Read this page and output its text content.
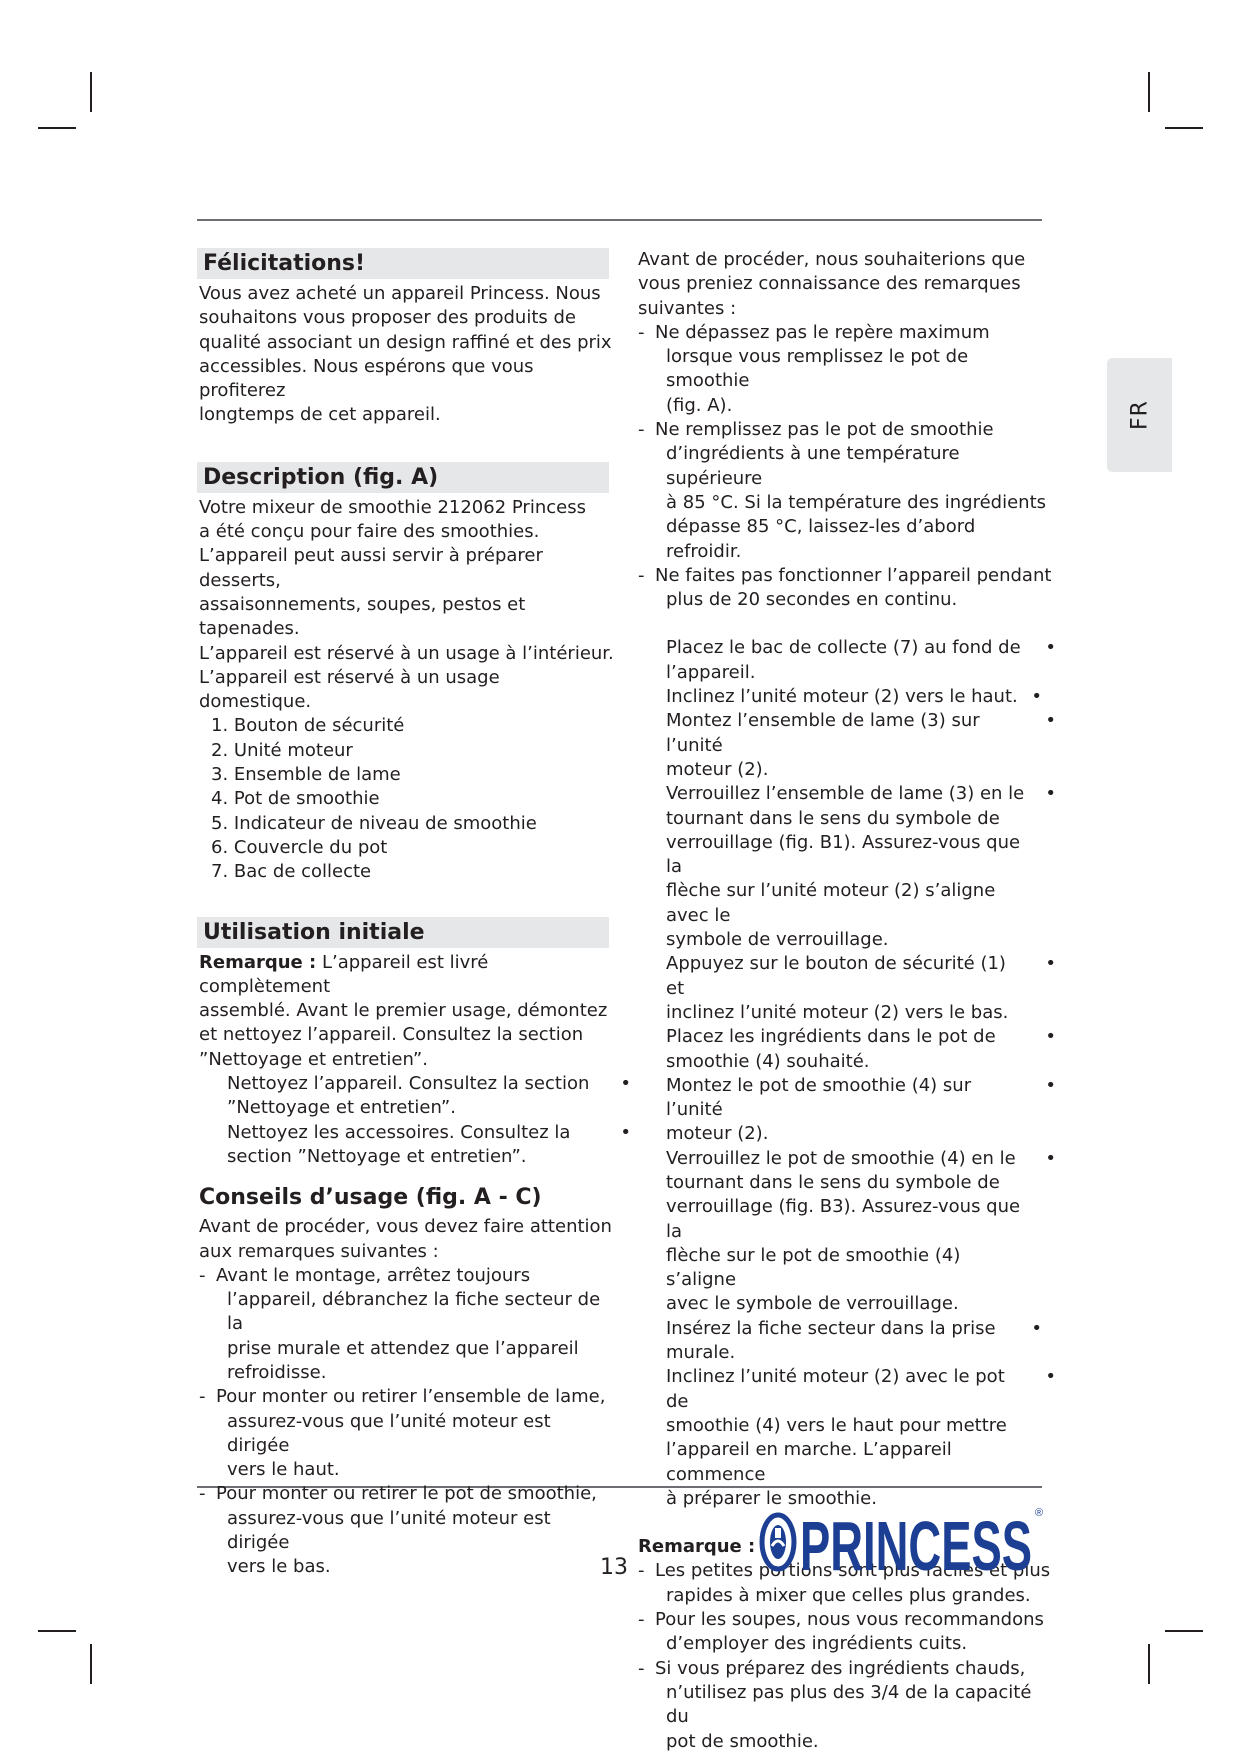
FR
Félicitations!
Vous avez acheté un appareil Princess. Nous
souhaitons vous proposer des produits de
qualité associant un design raffiné et des prix
accessibles. Nous espérons que vous profiterez
longtemps de cet appareil.
Description (fig. A)
Votre mixeur de smoothie 212062 Princess
a été conçu pour faire des smoothies.
L’appareil peut aussi servir à préparer desserts,
assaisonnements, soupes, pestos et tapenades.
L’appareil est réservé à un usage à l’intérieur.
L’appareil est réservé à un usage domestique.
1. Bouton de sécurité
2. Unité moteur
3. Ensemble de lame
4. Pot de smoothie
5. Indicateur de niveau de smoothie
6. Couvercle du pot
7. Bac de collecte
Utilisation initiale
Remarque : L’appareil est livré complètement
assemblé. Avant le premier usage, démontez
et nettoyez l’appareil. Consultez la section
”Nettoyage et entretien”.
Nettoyez l’appareil. Consultez la section
”Nettoyage et entretien”.
•
Nettoyez les accessoires. Consultez la
section ”Nettoyage et entretien”.
•
Conseils d’usage (fig. A - C)
Avant de procéder, vous devez faire attention
aux remarques suivantes :
- Avant le montage, arrêtez toujours
l’appareil, débranchez la fiche secteur de la
prise murale et attendez que l’appareil
refroidisse.
- Pour monter ou retirer l’ensemble de lame,
assurez-vous que l’unité moteur est dirigée
vers le haut.
- Pour monter ou retirer le pot de smoothie,
assurez-vous que l’unité moteur est dirigée
vers le bas.
Avant de procéder, nous souhaiterions que
vous preniez connaissance des remarques
suivantes :
- Ne dépassez pas le repère maximum
lorsque vous remplissez le pot de smoothie
(fig. A).
- Ne remplissez pas le pot de smoothie
d’ingrédients à une température supérieure
à 85 °C. Si la température des ingrédients
dépasse 85 °C, laissez-les d’abord refroidir.
- Ne faites pas fonctionner l’appareil pendant
plus de 20 secondes en continu.
Placez le bac de collecte (7) au fond de
l’appareil.
•
Inclinez l’unité moteur (2) vers le haut. •
Montez l’ensemble de lame (3) sur l’unité
moteur (2).
•
Verrouillez l’ensemble de lame (3) en le
tournant dans le sens du symbole de
verrouillage (fig. B1). Assurez-vous que la
flèche sur l’unité moteur (2) s’aligne avec le
symbole de verrouillage.
•
Appuyez sur le bouton de sécurité (1) et
inclinez l’unité moteur (2) vers le bas.
•
Placez les ingrédients dans le pot de
smoothie (4) souhaité.
•
Montez le pot de smoothie (4) sur l’unité
moteur (2).
•
Verrouillez le pot de smoothie (4) en le
tournant dans le sens du symbole de
verrouillage (fig. B3). Assurez-vous que la
flèche sur le pot de smoothie (4) s’aligne
avec le symbole de verrouillage.
•
Insérez la fiche secteur dans la prise murale.
•
Inclinez l’unité moteur (2) avec le pot de
smoothie (4) vers le haut pour mettre
l’appareil en marche. L’appareil commence
à préparer le smoothie.
•
Remarque :
- Les petites portions sont plus faciles et plus
rapides à mixer que celles plus grandes.
- Pour les soupes, nous vous recommandons
d’employer des ingrédients cuits.
- Si vous préparez des ingrédients chauds,
n’utilisez pas plus des 3/4 de la capacité du
pot de smoothie.
13 PRINCESS ®
